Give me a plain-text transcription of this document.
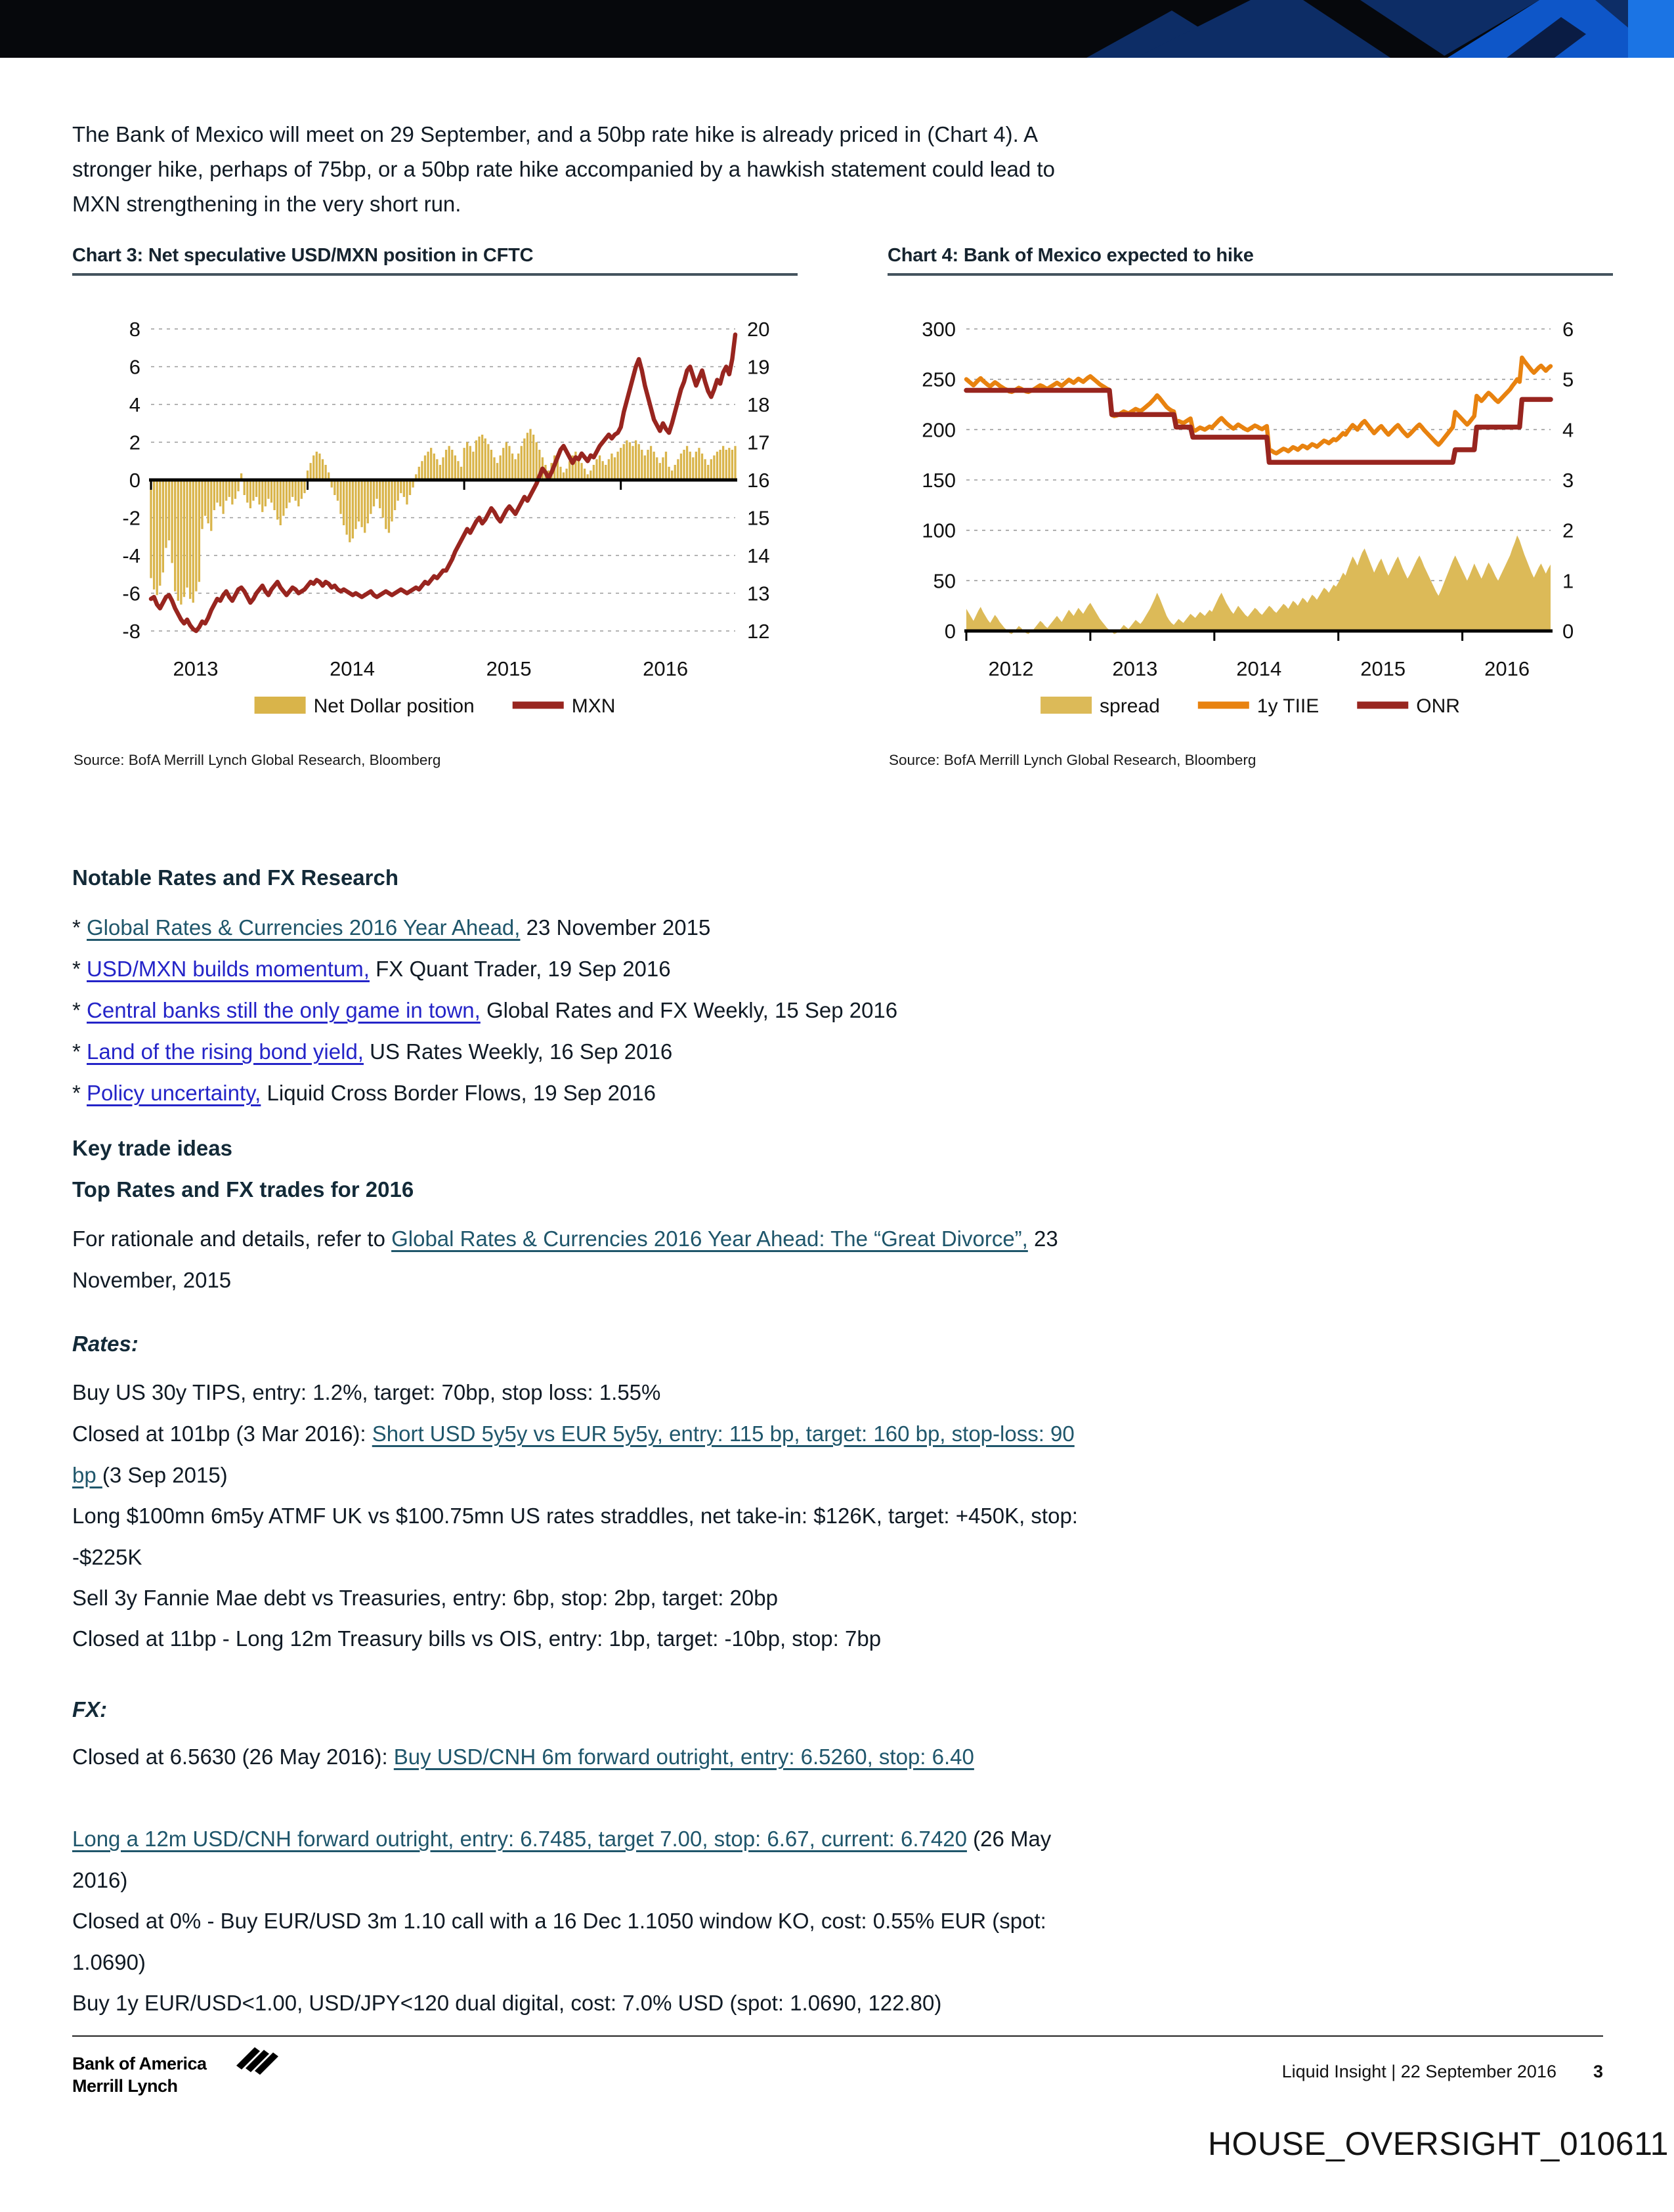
The Bank of Mexico will meet on 29 September, and a 50bp rate hike is already priced in (Chart 4). A stronger hike, perhaps of 75bp, or a 50bp rate hike accompanied by a hawkish statement could lead to MXN strengthening in the very short run.

Chart 3: Net speculative USD/MXN position in CFTC
8	20
6	19
4	18
2	17
0	16
-2	15
-4	14
-6	13
-8	12
2013	2014	2015	2016
Net Dollar position	MXN
Source: BofA Merrill Lynch Global Research, Bloomberg
Chart 4: Bank of Mexico expected to hike
300	6
250	5
200	4
150	3
100	2
50	1
0	0
2012	2013	2014	2015	2016
spread	1y TIIE	ONR
Source: BofA Merrill Lynch Global Research, Bloomberg
Notable Rates and FX Research

* Global Rates & Currencies 2016 Year Ahead, 23 November 2015

* USD/MXN builds momentum, FX Quant Trader, 19 Sep 2016

* Central banks still the only game in town, Global Rates and FX Weekly, 15 Sep 2016

* Land of the rising bond yield, US Rates Weekly, 16 Sep 2016

* Policy uncertainty, Liquid Cross Border Flows, 19 Sep 2016

Key trade ideas
Top Rates and FX trades for 2016

For rationale and details, refer to Global Rates & Currencies 2016 Year Ahead: The “Great Divorce”, 23 November, 2015

Rates:

Buy US 30y TIPS, entry: 1.2%, target: 70bp, stop loss: 1.55%

Closed at 101bp (3 Mar 2016): Short USD 5y5y vs EUR 5y5y, entry: 115 bp, target: 160 bp, stop-loss: 90 bp (3 Sep 2015)

Long $100mn 6m5y ATMF UK vs $100.75mn US rates straddles, net take-in: $126K, target: +450K, stop: -$225K

Sell 3y Fannie Mae debt vs Treasuries, entry: 6bp, stop: 2bp, target: 20bp

Closed at 11bp - Long 12m Treasury bills vs OIS, entry: 1bp, target: -10bp, stop: 7bp

FX:

Closed at 6.5630 (26 May 2016): Buy USD/CNH 6m forward outright, entry: 6.5260, stop: 6.40

Long a 12m USD/CNH forward outright, entry: 6.7485, target 7.00, stop: 6.67, current: 6.7420 (26 May 2016)

Closed at 0% - Buy EUR/USD 3m 1.10 call with a 16 Dec 1.1050 window KO, cost: 0.55% EUR (spot: 1.0690)

Buy 1y EUR/USD<1.00, USD/JPY<120 dual digital, cost: 7.0% USD (spot: 1.0690, 122.80)

Bank of America
Merrill Lynch
Liquid Insight | 22 September 2016 3
HOUSE_OVERSIGHT_010611
